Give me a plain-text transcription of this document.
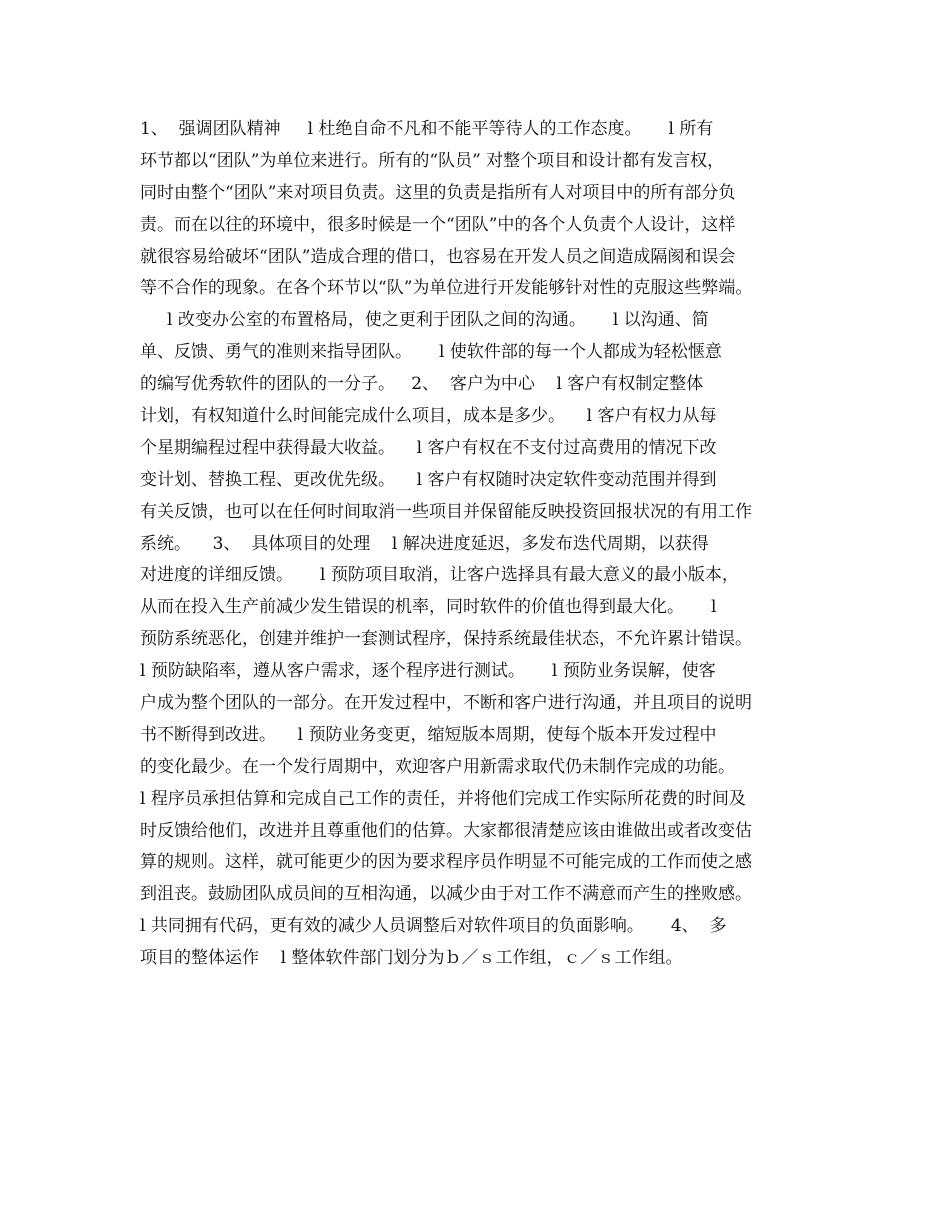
1、  强调团队精神     l 杜绝自命不凡和不能平等待人的工作态度。     l 所有
环节都以“团队”为单位来进行。所有的“队员” 对整个项目和设计都有发言权，
同时由整个“团队”来对项目负责。这里的负责是指所有人对项目中的所有部分负
责。而在以往的环境中，很多时候是一个“团队”中的各个人负责个人设计，这样
就很容易给破坏“团队”造成合理的借口，也容易在开发人员之间造成隔阂和误会
等不合作的现象。在各个环节以“队”为单位进行开发能够针对性的克服这些弊端。
l 改变办公室的布置格局，使之更利于团队之间的沟通。     l 以沟通、简
单、反馈、勇气的准则来指导团队。     l 使软件部的每一个人都成为轻松惬意
的编写优秀软件的团队的一分子。   2、  客户为中心    l 客户有权制定整体
计划，有权知道什么时间能完成什么项目，成本是多少。    l 客户有权力从每
个星期编程过程中获得最大收益。    l 客户有权在不支付过高费用的情况下改
变计划、替换工程、更改优先级。    l 客户有权随时决定软件变动范围并得到
有关反馈，也可以在任何时间取消一些项目并保留能反映投资回报状况的有用工作
系统。    3、  具体项目的处理    l 解决进度延迟，多发布迭代周期，以获得
对进度的详细反馈。     l 预防项目取消，让客户选择具有最大意义的最小版本，
从而在投入生产前减少发生错误的机率，同时软件的价值也得到最大化。     l
预防系统恶化，创建并维护一套测试程序，保持系统最佳状态，不允许累计错误。
l 预防缺陷率，遵从客户需求，逐个程序进行测试。     l 预防业务误解，使客
户成为整个团队的一部分。在开发过程中，不断和客户进行沟通，并且项目的说明
书不断得到改进。    l 预防业务变更，缩短版本周期，使每个版本开发过程中
的变化最少。在一个发行周期中，欢迎客户用新需求取代仍未制作完成的功能。
l 程序员承担估算和完成自己工作的责任，并将他们完成工作实际所花费的时间及
时反馈给他们，改进并且尊重他们的估算。大家都很清楚应该由谁做出或者改变估
算的规则。这样，就可能更少的因为要求程序员作明显不可能完成的工作而使之感
到沮丧。鼓励团队成员间的互相沟通，以减少由于对工作不满意而产生的挫败感。
l 共同拥有代码，更有效的减少人员调整后对软件项目的负面影响。     4、  多
项目的整体运作    l 整体软件部门划分为ｂ／ｓ工作组，ｃ／ｓ工作组。
